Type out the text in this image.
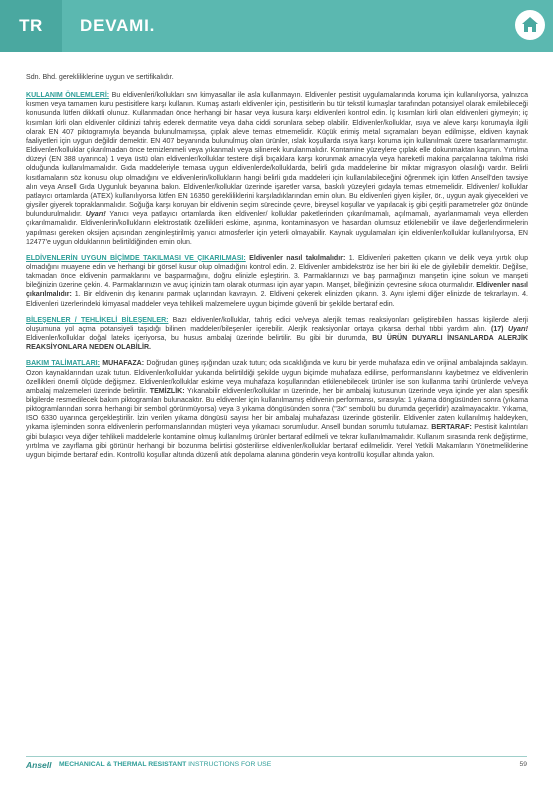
TR	DEVAMI.

Sdn. Bhd. gerekliliklerine uygun ve sertifikalıdır.

KULLANIM ÖNLEMLERİ: Bu eldivenleri/kollukları sıvı kimyasallar ile asla kullanmayın. Eldivenler pestisit uygulamalarında koruma için kullanılıyorsa, yalnızca kısmen veya tamamen kuru pestisitlere karşı kullanın. Kumaş astarlı eldivenler için, pestisitlerin bu tür tekstil kumaşlar tarafından potansiyel olarak emilebileceği konusunda lütfen dikkatli olunuz. Kullanmadan önce herhangi bir hasar veya kusura karşı eldivenleri kontrol edin. İç kısımları kirli olan eldivenleri giymeyin; iç kısımları kirli olan eldivenler cildinizi tahriş ederek dermatite veya daha ciddi sorunlara sebep olabilir. Eldivenler/kolluklar, ısıya ve aleve karşı korumayla ilgili olarak EN 407 piktogramıyla beyanda bulunulmamışsa, çıplak aleve temas etmemelidir. Küçük erimiş metal sıçramaları beyan edilmişse, eldiven kaynak faaliyetleri için uygun değildir demektir. EN 407 beyanında bulunulmuş olan ürünler, ıslak koşullarda ısıya karşı koruma için kullanılmak üzere tasarlanmamıştır. Eldivenler/kolluklar çıkarılmadan önce temizlenmeli veya yıkanmalı veya silinerek kurulanmalıdır. Kontamine yüzeylere çıplak elle dokunmaktan kaçının. Yırtılma düzeyi (EN 388 uyarınca) 1 veya üstü olan eldivenler/kolluklar testere dişli bıçaklara karşı korunmak amacıyla veya hareketli makina parçalarına takılma riski olduğunda kullanılmamalıdır. Gıda maddeleriyle temasa uygun eldivenlerde/kolluklarda, belirli gıda maddelerine bir miktar migrasyon olasılığı vardır. Belirli kısıtlamaların söz konusu olup olmadığını ve eldivenlerin/kollukların hangi belirli gıda maddeleri için kullanılabileceğini öğrenmek için lütfen Ansell'den tavsiye alın veya Ansell Gıda Uygunluk beyanına bakın. Eldivenler/kolluklar üzerinde işaretler varsa, baskılı yüzeyleri gıdayla temas etmemelidir. Eldivenler/ kolluklar patlayıcı ortamlarda (ATEX) kullanılıyorsa lütfen EN 16350 gerekliliklerini karşıladıklarından emin olun. Bu eldivenleri giyen kişiler, ör., uygun ayak giyecekleri ve giysiler giyerek topraklanmalıdır. Soğuğa karşı koruyan bir eldivenin seçim sürecinde çevre, bireysel koşullar ve yapılacak iş gibi çeşitli parametreler göz önünde bulundurulmalıdır. Uyarı! Yanıcı veya patlayıcı ortamlarda iken eldivenler/ kolluklar paketlerinden çıkarılmamalı, açılmamalı, ayarlanmamalı veya ellerden çıkarılmamalıdır. Eldivenlerin/kollukların elektrostatik özellikleri eskime, aşınma, kontaminasyon ve hasardan olumsuz etkilenebilir ve ilave değerlendirmelerin yapılması gereken oksijen açısından zenginleştirilmiş yanıcı atmosferler için yeterli olmayabilir. Kaynak uygulamaları için eldivenler/kolluklar kullanılıyorsa, EN 12477'e uygun olduklarının belirtildiğinden emin olun.

ELDİVENLERİN UYGUN BİÇİMDE TAKILMASI VE ÇIKARILMASI: Eldivenler nasıl takılmalıdır: 1. Eldivenleri paketten çıkarın ve delik veya yırtık olup olmadığını muayene edin ve herhangi bir görsel kusur olup olmadığını kontrol edin. 2. Eldivenler ambidekströz ise her biri iki ele de giyilebilir demektir. Değilse, takmadan önce eldivenin parmaklarını ve başparmağını, doğru elinizle eşleştirin. 3. Parmaklarınızı ve baş parmağınızı manşetin içine sokun ve manşeti bileğinizin üzerine çekin. 4. Parmaklarınızın ve avuç içinizin tam olarak oturması için ayar yapın. Manşet, bileğinizin çevresine sıkıca oturmalıdır. Eldivenler nasıl çıkarılmalıdır: 1. Bir eldivenin dış kenarını parmak uçlarından kavrayın. 2. Eldiveni çekerek elinizden çıkarın. 3. Aynı işlemi diğer elinizde de tekrarlayın. 4. Eldivenleri üzerlerindeki kimyasal maddeler veya tehlikeli malzemelere uygun biçimde güvenli bir şekilde bertaraf edin.

BİLEŞENLER / TEHLİKELİ BİLEŞENLER: Bazı eldivenler/kolluklar, tahriş edici ve/veya alerjik temas reaksiyonları geliştirebilen hassas kişilerde alerji oluşumuna yol açma potansiyeli taşıdığı bilinen maddeler/bileşenler içerebilir. Alerjik reaksiyonlar ortaya çıkarsa derhal tıbbi yardım alın. (17) Uyarı! Eldivenler/kolluklar doğal lateks içeriyorsa, bu husus ambalaj üzerinde belirtilir. Bu gibi bir durumda, BU ÜRÜN DUYARLI İNSANLARDA ALERJİK REAKSİYONLARA NEDEN OLABİLİR.

BAKIM TALİMATLARI: MUHAFAZA: Doğrudan güneş ışığından uzak tutun; oda sıcaklığında ve kuru bir yerde muhafaza edin ve orijinal ambalajında saklayın. Ozon kaynaklarından uzak tutun. Eldivenler/kolluklar yukarıda belirtildiği şekilde uygun biçimde muhafaza edilirse, performanslarını kaybetmez ve eldivenlerin özellikleri önemli ölçüde değişmez. Eldivenler/kolluklar eskime veya muhafaza koşullarından etkilenebilecek ürünler ise son kullanma tarihi ürünlerde ve/veya ambalaj malzemeleri üzerinde belirtilir. TEMİZLİK: Yıkanabilir eldivenler/kolluklar ın üzerinde, her bir ambalaj kutusunun üzerinde veya içinde yer alan spesifik bilgilerde resmedilecek bakım piktogramları bulunacaktır. Bu eldivenler için kullanılmamış eldivenin performansı, sırasıyla: 1 yıkama döngüsünden sonra (yıkama piktogramlarından sonra herhangi bir sembol görünmüyorsa) veya 3 yıkama döngüsünden sonra ("3x" sembolü bu durumda geçerlidir) azalmayacaktır. Yıkama, ISO 6330 uyarınca gerçekleştirilir. İzin verilen yıkama döngüsü sayısı her bir ambalaj muhafazası üzerinde gösterilir. Eldivenler zaten kullanılmış haldeyken, yıkama işleminden sonra eldivenlerin performanslarından müşteri veya yıkamacı sorumludur. Ansell bundan sorumlu tutulamaz. BERTARAF: Pestisit kalıntıları gibi bulaşıcı veya diğer tehlikeli maddelerle kontamine olmuş kullanılmış ürünler bertaraf edilmeli ve tekrar kullanılmamalıdır. Kullanım sırasında renk değiştirme, yırtılma ve zayıflama gibi görünür herhangi bir bozunma belirtisi gösterilirse eldivenler/kolluklar bertaraf edilmelidir. Yerel Yetkili Makamların Yönetmeliklerine uygun biçimde bertaraf edin. Kontrollü koşullar altında düzenli atık depolama alanına gönderin veya kontrollü koşullar altında yakın.

Ansell MECHANICAL & THERMAL RESISTANT INSTRUCTIONS FOR USE	59
